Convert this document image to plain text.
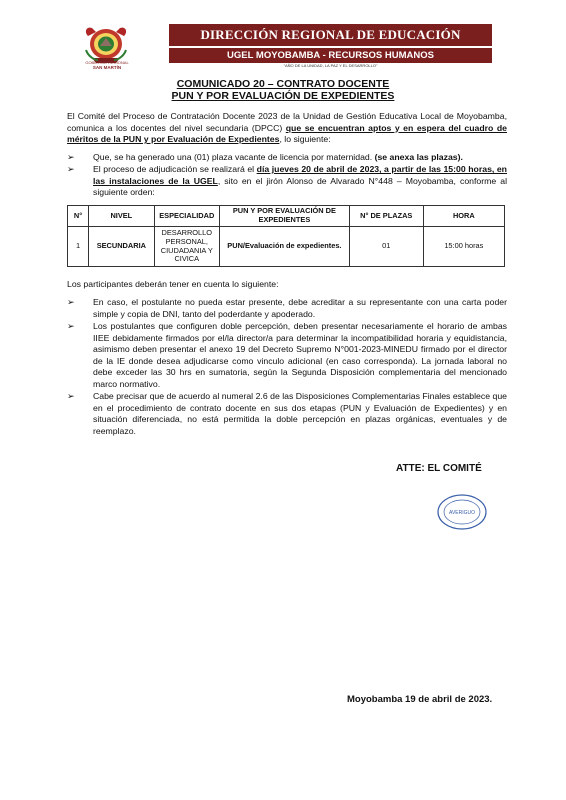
GOBIERNO REGIONAL
SAN MARTÍN
DIRECCIÓN REGIONAL DE EDUCACIÓN
UGEL MOYOBAMBA - RECURSOS HUMANOS
"AÑO DE LA UNIDAD, LA PAZ Y EL DESARROLLO"
COMUNICADO 20 – CONTRATO DOCENTE
PUN Y POR EVALUACIÓN DE EXPEDIENTES
El Comité del Proceso de Contratación Docente 2023 de la Unidad de Gestión Educativa Local de Moyobamba, comunica a los docentes del nivel secundaria (DPCC) que se encuentran aptos y en espera del cuadro de méritos de la PUN y por Evaluación de Expedientes, lo siguiente:
➢ Que, se ha generado una (01) plaza vacante de licencia por maternidad. (se anexa las plazas).
➢ El proceso de adjudicación se realizará el día jueves 20 de abril de 2023, a partir de las 15:00 horas, en las instalaciones de la UGEL, sito en el jirón Alonso de Alvarado N°448 – Moyobamba, conforme al siguiente orden:
N°	NIVEL	ESPECIALIDAD	PUN Y POR EVALUACIÓN DE EXPEDIENTES	N° DE PLAZAS	HORA
1	SECUNDARIA	DESARROLLO PERSONAL, CIUDADANIA Y CIVICA	PUN/Evaluación de expedientes.	01	15:00 horas
Los participantes deberán tener en cuenta lo siguiente:
➢ En caso, el postulante no pueda estar presente, debe acreditar a su representante con una carta poder simple y copia de DNI, tanto del poderdante y apoderado.
➢ Los postulantes que configuren doble percepción, deben presentar necesariamente el horario de ambas IIEE debidamente firmados por el/la director/a para determinar la incompatibilidad horaria y equidistancia, asimismo deben presentar el anexo 19 del Decreto Supremo N°001-2023-MINEDU firmado por el director de la IE donde desea adjudicarse como vinculo adicional (en caso corresponda). La jornada laboral no debe exceder las 30 hrs en sumatoria, según la Segunda Disposición complementaria del mencionado marco normativo.
➢ Cabe precisar que de acuerdo al numeral 2.6 de las Disposiciones Complementarias Finales establece que en el procedimiento de contrato docente en sus dos etapas (PUN y Evaluación de Expedientes) y en situación diferenciada, no está permitida la doble percepción en plazas orgánicas, eventuales y de reemplazo.
ATTE: EL COMITÉ
AVERIGUO
Moyobamba 19 de abril de 2023.
